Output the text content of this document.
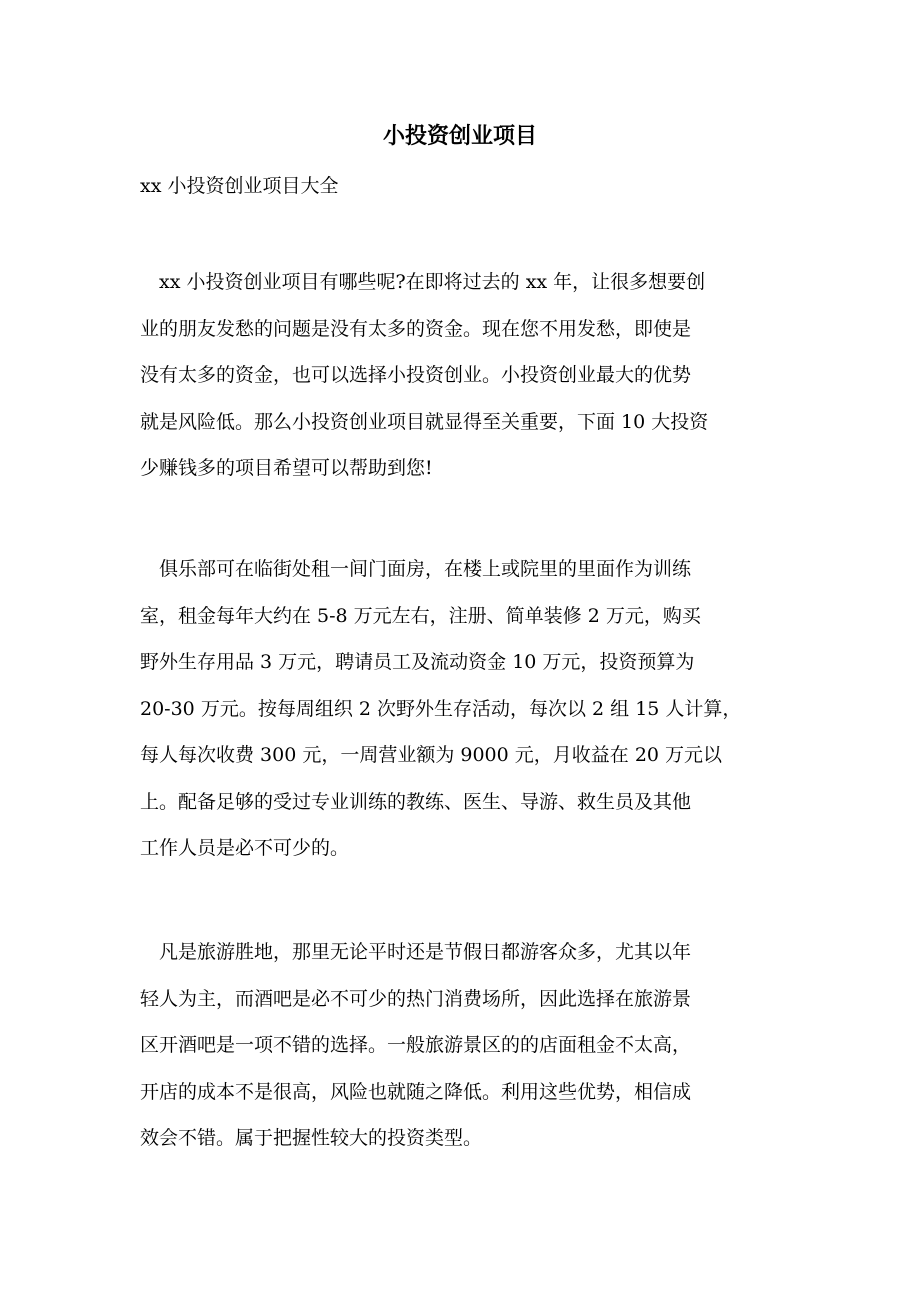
小投资创业项目

xx 小投资创业项目大全

　xx 小投资创业项目有哪些呢?在即将过去的 xx 年，让很多想要创
业的朋友发愁的问题是没有太多的资金。现在您不用发愁，即使是
没有太多的资金，也可以选择小投资创业。小投资创业最大的优势
就是风险低。那么小投资创业项目就显得至关重要，下面 10 大投资
少赚钱多的项目希望可以帮助到您!
　俱乐部可在临街处租一间门面房，在楼上或院里的里面作为训练
室，租金每年大约在 5-8 万元左右，注册、简单装修 2 万元，购买
野外生存用品 3 万元，聘请员工及流动资金 10 万元，投资预算为
20-30 万元。按每周组织 2 次野外生存活动，每次以 2 组 15 人计算，
每人每次收费 300 元，一周营业额为 9000 元，月收益在 20 万元以
上。配备足够的受过专业训练的教练、医生、导游、救生员及其他
工作人员是必不可少的。
　凡是旅游胜地，那里无论平时还是节假日都游客众多，尤其以年
轻人为主，而酒吧是必不可少的热门消费场所，因此选择在旅游景
区开酒吧是一项不错的选择。一般旅游景区的的店面租金不太高，
开店的成本不是很高，风险也就随之降低。利用这些优势，相信成
效会不错。属于把握性较大的投资类型。
